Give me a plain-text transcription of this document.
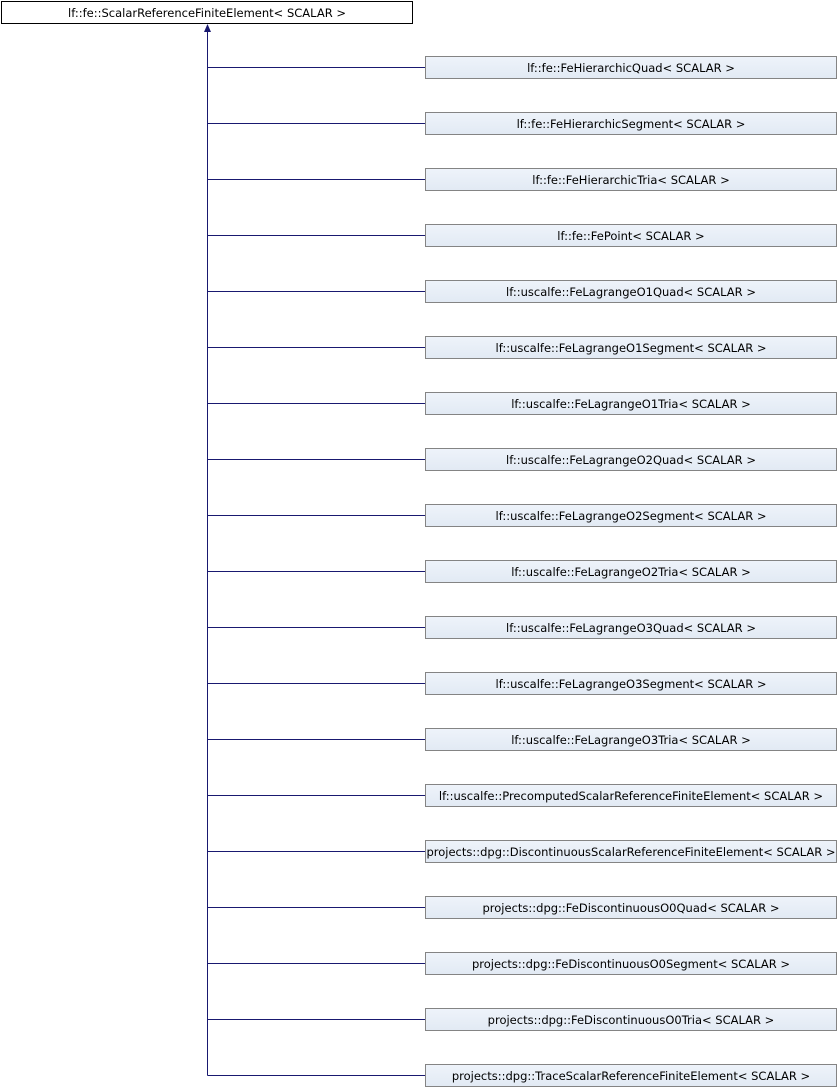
lf::fe::ScalarReferenceFiniteElement< SCALAR >
lf::fe::FeHierarchicQuad< SCALAR >
lf::fe::FeHierarchicSegment< SCALAR >
lf::fe::FeHierarchicTria< SCALAR >
lf::fe::FePoint< SCALAR >
lf::uscalfe::FeLagrangeO1Quad< SCALAR >
lf::uscalfe::FeLagrangeO1Segment< SCALAR >
lf::uscalfe::FeLagrangeO1Tria< SCALAR >
lf::uscalfe::FeLagrangeO2Quad< SCALAR >
lf::uscalfe::FeLagrangeO2Segment< SCALAR >
lf::uscalfe::FeLagrangeO2Tria< SCALAR >
lf::uscalfe::FeLagrangeO3Quad< SCALAR >
lf::uscalfe::FeLagrangeO3Segment< SCALAR >
lf::uscalfe::FeLagrangeO3Tria< SCALAR >
lf::uscalfe::PrecomputedScalarReferenceFiniteElement< SCALAR >
projects::dpg::DiscontinuousScalarReferenceFiniteElement< SCALAR >
projects::dpg::FeDiscontinuousO0Quad< SCALAR >
projects::dpg::FeDiscontinuousO0Segment< SCALAR >
projects::dpg::FeDiscontinuousO0Tria< SCALAR >
projects::dpg::TraceScalarReferenceFiniteElement< SCALAR >
